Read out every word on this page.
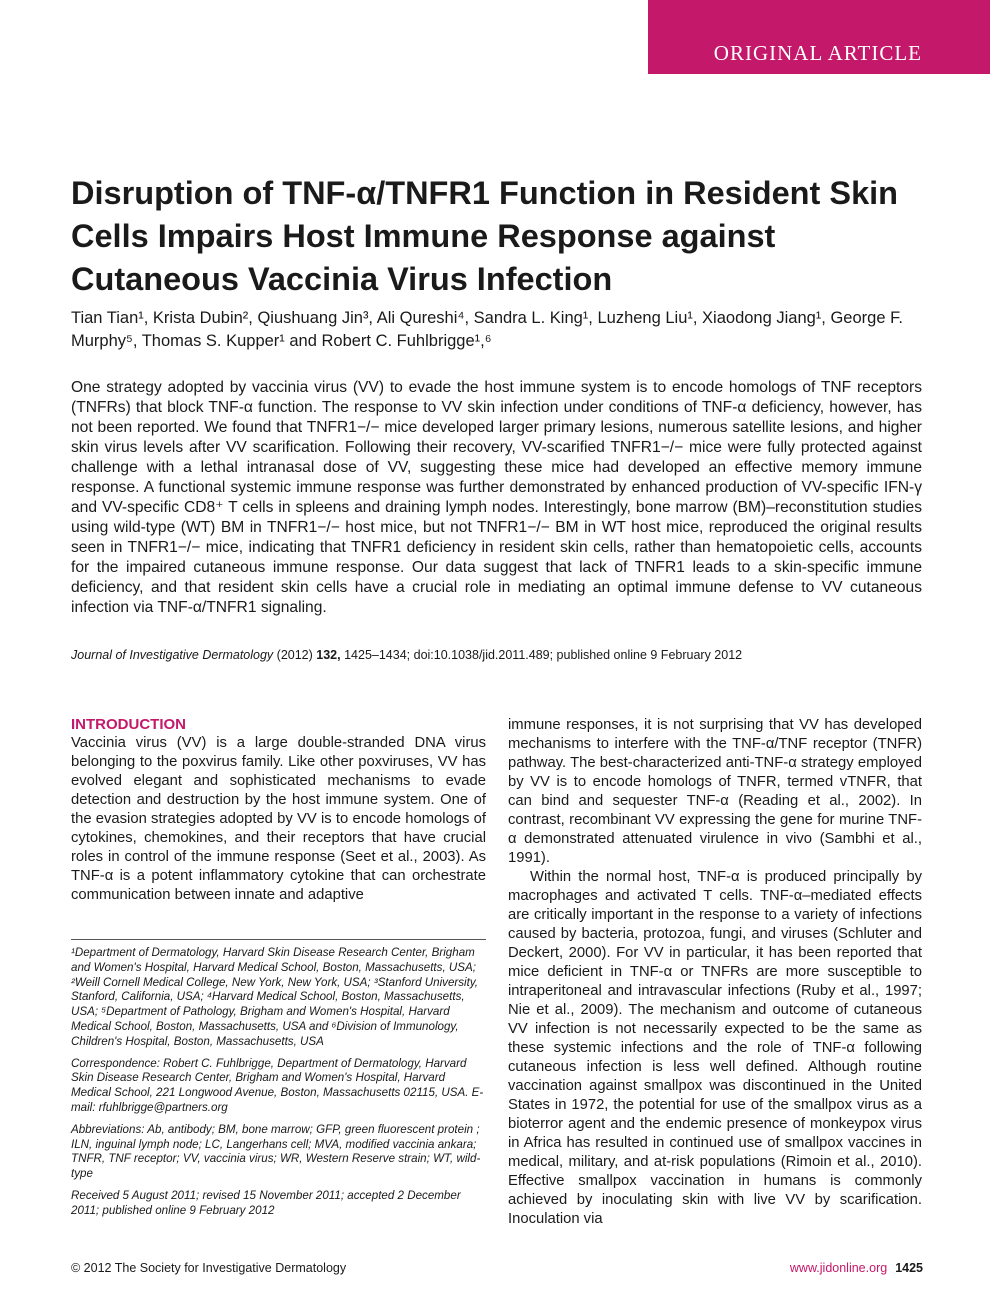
ORIGINAL ARTICLE
Disruption of TNF-α/TNFR1 Function in Resident Skin Cells Impairs Host Immune Response against Cutaneous Vaccinia Virus Infection
Tian Tian¹, Krista Dubin², Qiushuang Jin³, Ali Qureshi⁴, Sandra L. King¹, Luzheng Liu¹, Xiaodong Jiang¹, George F. Murphy⁵, Thomas S. Kupper¹ and Robert C. Fuhlbrigge¹,⁶

One strategy adopted by vaccinia virus (VV) to evade the host immune system is to encode homologs of TNF receptors (TNFRs) that block TNF-α function. The response to VV skin infection under conditions of TNF-α deficiency, however, has not been reported. We found that TNFR1−/− mice developed larger primary lesions, numerous satellite lesions, and higher skin virus levels after VV scarification. Following their recovery, VV-scarified TNFR1−/− mice were fully protected against challenge with a lethal intranasal dose of VV, suggesting these mice had developed an effective memory immune response. A functional systemic immune response was further demonstrated by enhanced production of VV-specific IFN-γ and VV-specific CD8⁺ T cells in spleens and draining lymph nodes. Interestingly, bone marrow (BM)–reconstitution studies using wild-type (WT) BM in TNFR1−/− host mice, but not TNFR1−/− BM in WT host mice, reproduced the original results seen in TNFR1−/− mice, indicating that TNFR1 deficiency in resident skin cells, rather than hematopoietic cells, accounts for the impaired cutaneous immune response. Our data suggest that lack of TNFR1 leads to a skin-specific immune deficiency, and that resident skin cells have a crucial role in mediating an optimal immune defense to VV cutaneous infection via TNF-α/TNFR1 signaling.

Journal of Investigative Dermatology (2012) 132, 1425–1434; doi:10.1038/jid.2011.489; published online 9 February 2012
INTRODUCTION

Vaccinia virus (VV) is a large double-stranded DNA virus belonging to the poxvirus family. Like other poxviruses, VV has evolved elegant and sophisticated mechanisms to evade detection and destruction by the host immune system. One of the evasion strategies adopted by VV is to encode homologs of cytokines, chemokines, and their receptors that have crucial roles in control of the immune response (Seet et al., 2003). As TNF-α is a potent inflammatory cytokine that can orchestrate communication between innate and adaptive

¹Department of Dermatology, Harvard Skin Disease Research Center, Brigham and Women's Hospital, Harvard Medical School, Boston, Massachusetts, USA; ²Weill Cornell Medical College, New York, New York, USA; ³Stanford University, Stanford, California, USA; ⁴Harvard Medical School, Boston, Massachusetts, USA; ⁵Department of Pathology, Brigham and Women's Hospital, Harvard Medical School, Boston, Massachusetts, USA and ⁶Division of Immunology, Children's Hospital, Boston, Massachusetts, USA

Correspondence: Robert C. Fuhlbrigge, Department of Dermatology, Harvard Skin Disease Research Center, Brigham and Women's Hospital, Harvard Medical School, 221 Longwood Avenue, Boston, Massachusetts 02115, USA. E-mail: rfuhlbrigge@partners.org

Abbreviations: Ab, antibody; BM, bone marrow; GFP, green fluorescent protein ; ILN, inguinal lymph node; LC, Langerhans cell; MVA, modified vaccinia ankara; TNFR, TNF receptor; VV, vaccinia virus; WR, Western Reserve strain; WT, wild-type

Received 5 August 2011; revised 15 November 2011; accepted 2 December 2011; published online 9 February 2012

immune responses, it is not surprising that VV has developed mechanisms to interfere with the TNF-α/TNF receptor (TNFR) pathway. The best-characterized anti-TNF-α strategy employed by VV is to encode homologs of TNFR, termed vTNFR, that can bind and sequester TNF-α (Reading et al., 2002). In contrast, recombinant VV expressing the gene for murine TNF-α demonstrated attenuated virulence in vivo (Sambhi et al., 1991).

Within the normal host, TNF-α is produced principally by macrophages and activated T cells. TNF-α–mediated effects are critically important in the response to a variety of infections caused by bacteria, protozoa, fungi, and viruses (Schluter and Deckert, 2000). For VV in particular, it has been reported that mice deficient in TNF-α or TNFRs are more susceptible to intraperitoneal and intravascular infections (Ruby et al., 1997; Nie et al., 2009). The mechanism and outcome of cutaneous VV infection is not necessarily expected to be the same as these systemic infections and the role of TNF-α following cutaneous infection is less well defined. Although routine vaccination against smallpox was discontinued in the United States in 1972, the potential for use of the smallpox virus as a bioterror agent and the endemic presence of monkeypox virus in Africa has resulted in continued use of smallpox vaccines in medical, military, and at-risk populations (Rimoin et al., 2010). Effective smallpox vaccination in humans is commonly achieved by inoculating skin with live VV by scarification. Inoculation via

© 2012 The Society for Investigative Dermatology	www.jidonline.org 1425
